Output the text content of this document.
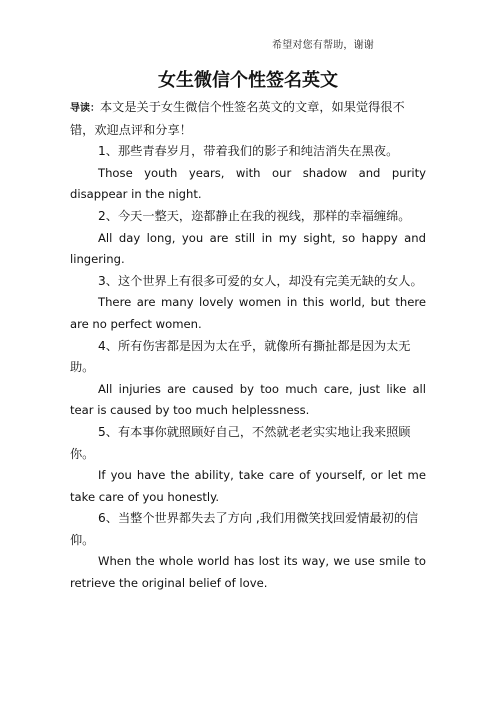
希望对您有帮助，谢谢
女生微信个性签名英文

导读：本文是关于女生微信个性签名英文的文章，如果觉得很不错，欢迎点评和分享！

1、那些青春岁月，带着我们的影子和纯洁消失在黑夜。

Those youth years, with our shadow and purity disappear in the night.

2、今天一整天，迩都静止在我的视线，那样的幸福缠绵。

All day long, you are still in my sight, so happy and lingering.

3、这个世界上有很多可爱的女人，却没有完美无缺的女人。

There are many lovely women in this world, but there are no perfect women.

4、所有伤害都是因为太在乎，就像所有撕扯都是因为太无助。

All injuries are caused by too much care, just like all tear is caused by too much helplessness.

5、有本事你就照顾好自己，不然就老老实实地让我来照顾你。

If you have the ability, take care of yourself, or let me take care of you honestly.

6、当整个世界都失去了方向 ,我们用微笑找回爱情最初的信仰。

When the whole world has lost its way, we use smile to retrieve the original belief of love.
